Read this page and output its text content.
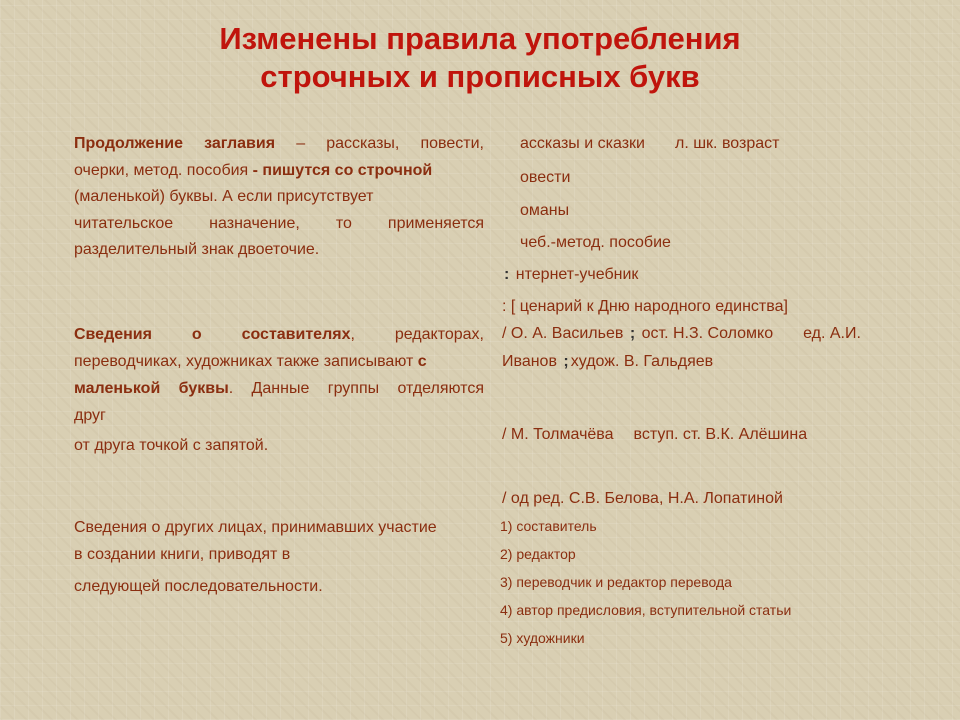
Изменены правила употребления
строчных и прописных букв
Продолжение заглавия – рассказы, повести,
очерки, метод. пособия - пишутся со строчной
(маленькой) буквы. А если присутствует
читательское назначение, то применяется
разделительный знак двоеточие.
Сведения о составителях, редакторах,
переводчиках, художниках также записывают с
маленькой буквы. Данные группы отделяются
друг
от друга точкой с запятой.
Сведения о других лицах, принимавших участие
в создании книги, приводят в
следующей последовательности.
ассказы и сказки л. шк. возраст
овести
оманы
чеб.-метод. пособие
: нтернет-учебник
: [ ценарий к Дню народного единства]
/ О. А. Васильев ; ост. Н.З. Соломко ед. А.И.
Иванов ; худож. В. Гальдяев
/ М. Толмачёва вступ. ст. В.К. Алёшина
/ од ред. С.В. Белова, Н.А. Лопатиной
1) составитель
2) редактор
3) переводчик и редактор перевода
4) автор предисловия, вступительной статьи
5) художники
